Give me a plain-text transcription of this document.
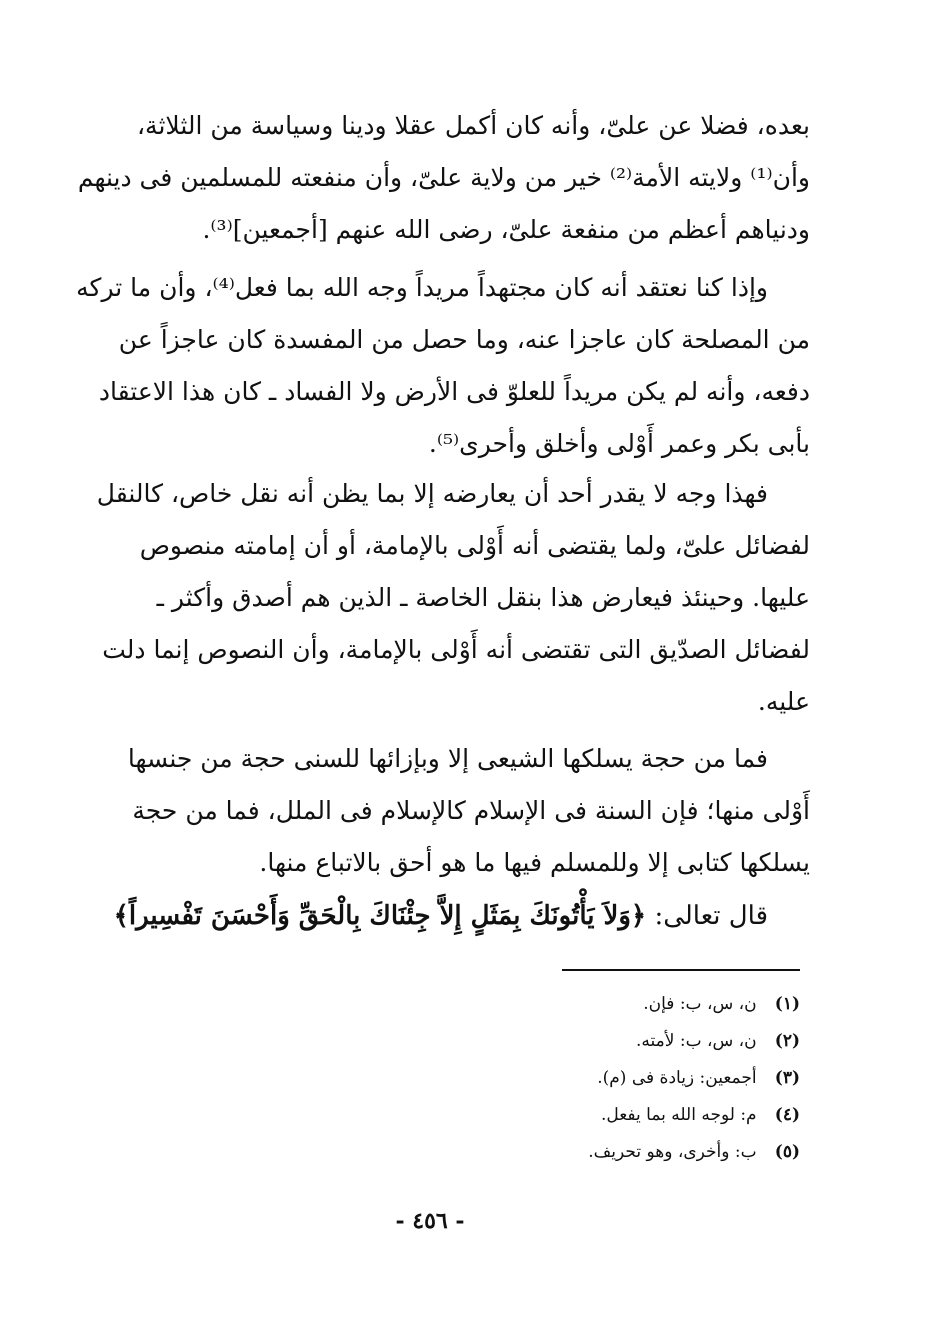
بعده، فضلا عن علىّ، وأنه كان أكمل عقلا ودينا وسياسة من الثلاثة،
وأن⁽¹⁾ ولايته الأمة⁽²⁾ خير من ولاية علىّ، وأن منفعته للمسلمين فى دينهم
ودنياهم أعظم من منفعة علىّ، رضى الله عنهم [أجمعين]⁽³⁾.
وإذا كنا نعتقد أنه كان مجتهداً مريداً وجه الله بما فعل⁽⁴⁾، وأن ما تركه
من المصلحة كان عاجزا عنه، وما حصل من المفسدة كان عاجزاً عن
دفعه، وأنه لم يكن مريداً للعلوّ فى الأرض ولا الفساد ـ كان هذا الاعتقاد
بأبى بكر وعمر أَوْلى وأخلق وأحرى⁽⁵⁾.
فهذا وجه لا يقدر أحد أن يعارضه إلا بما يظن أنه نقل خاص، كالنقل
لفضائل علىّ، ولما يقتضى أنه أَوْلى بالإمامة، أو أن إمامته منصوص
عليها. وحينئذ فيعارض هذا بنقل الخاصة ـ الذين هم أصدق وأكثر ـ
لفضائل الصدّيق التى تقتضى أنه أَوْلى بالإمامة، وأن النصوص إنما دلت
عليه.
فما من حجة يسلكها الشيعى إلا وبإزائها للسنى حجة من جنسها
أَوْلى منها؛ فإن السنة فى الإسلام كالإسلام فى الملل، فما من حجة
يسلكها كتابى إلا وللمسلم فيها ما هو أحق بالاتباع منها.
قال تعالى: ﴿وَلاَ يَأْتُونَكَ بِمَثَلٍ إِلاَّ جِئْنَاكَ بِالْحَقِّ وَأَحْسَنَ تَفْسِيراً﴾
(١) ن، س، ب: فإن.
(٢) ن، س، ب: لأمته.
(٣) أجمعين: زيادة فى (م).
(٤) م: لوجه الله بما يفعل.
(٥) ب: وأخرى، وهو تحريف.
- ٤٥٦ -
